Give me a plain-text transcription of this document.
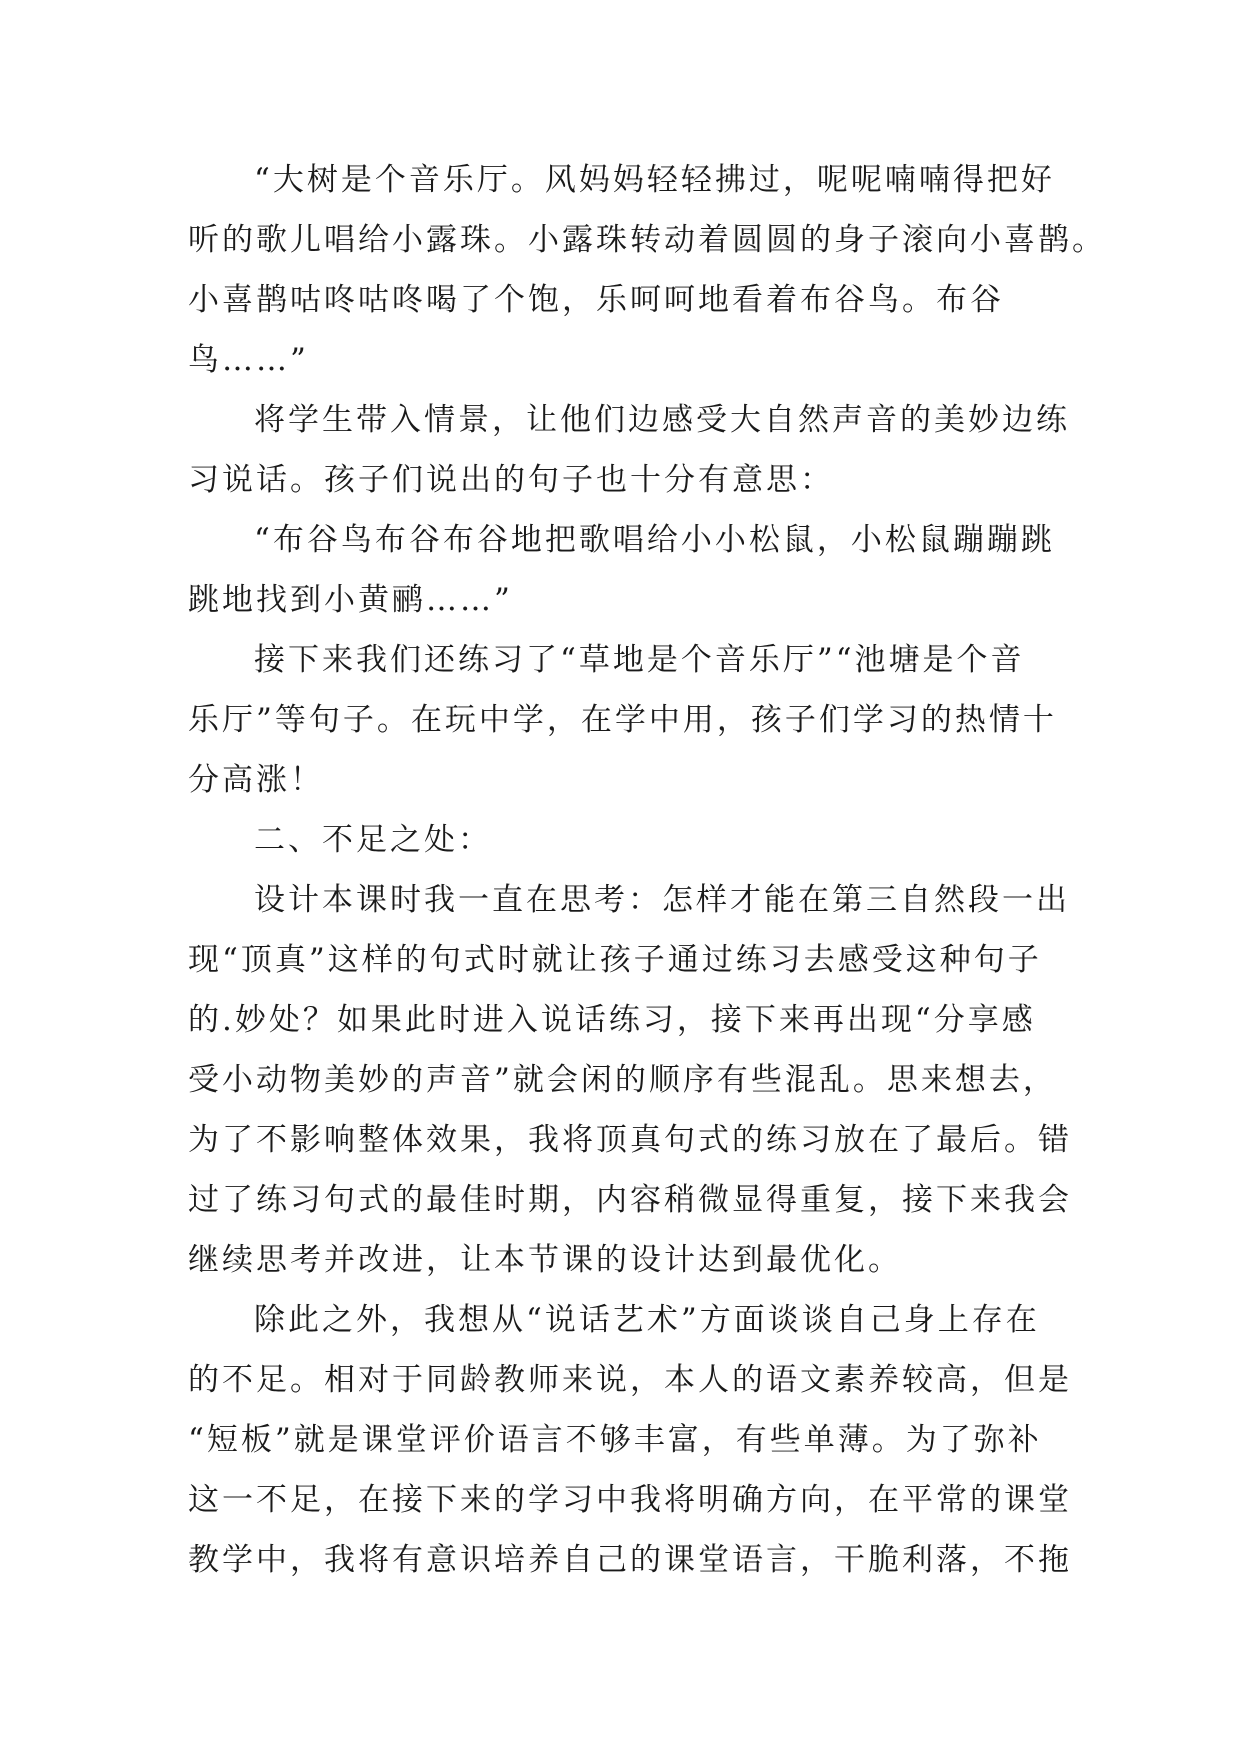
“大树是个音乐厅。风妈妈轻轻拂过，呢呢喃喃得把好
听的歌儿唱给小露珠。小露珠转动着圆圆的身子滚向小喜鹊。
小喜鹊咕咚咕咚喝了个饱，乐呵呵地看着布谷鸟。布谷
鸟……”
将学生带入情景，让他们边感受大自然声音的美妙边练
习说话。孩子们说出的句子也十分有意思：
“布谷鸟布谷布谷地把歌唱给小小松鼠，小松鼠蹦蹦跳
跳地找到小黄鹂……”
接下来我们还练习了“草地是个音乐厅”“池塘是个音
乐厅”等句子。在玩中学，在学中用，孩子们学习的热情十
分高涨！
二、不足之处：
设计本课时我一直在思考：怎样才能在第三自然段一出
现“顶真”这样的句式时就让孩子通过练习去感受这种句子
的.妙处？如果此时进入说话练习，接下来再出现“分享感
受小动物美妙的声音”就会闲的顺序有些混乱。思来想去，
为了不影响整体效果，我将顶真句式的练习放在了最后。错
过了练习句式的最佳时期，内容稍微显得重复，接下来我会
继续思考并改进，让本节课的设计达到最优化。
除此之外，我想从“说话艺术”方面谈谈自己身上存在
的不足。相对于同龄教师来说，本人的语文素养较高，但是
“短板”就是课堂评价语言不够丰富，有些单薄。为了弥补
这一不足，在接下来的学习中我将明确方向，在平常的课堂
教学中，我将有意识培养自己的课堂语言，干脆利落，不拖
